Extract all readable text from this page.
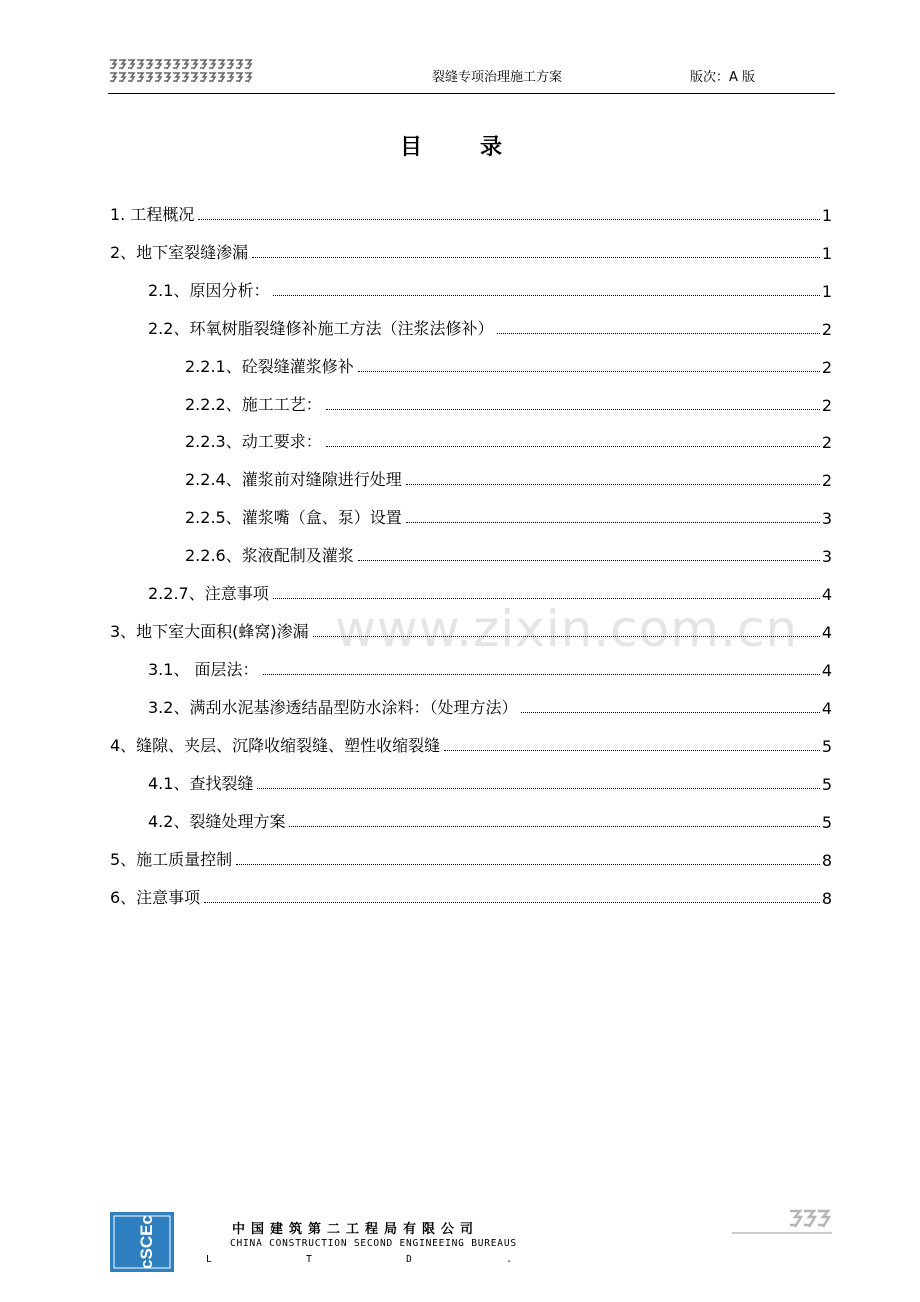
裂缝专项治理施工方案	版次：A 版
目　录
www.zixin.com.cn
1. 工程概况	1
2、地下室裂缝渗漏	1
2.1、原因分析：	1
2.2、环氧树脂裂缝修补施工方法（注浆法修补）	2
2.2.1、砼裂缝灌浆修补	2
2.2.2、施工工艺：	2
2.2.3、动工要求：	2
2.2.4、灌浆前对缝隙进行处理	2
2.2.5、灌浆嘴（盒、泵）设置	3
2.2.6、浆液配制及灌浆	3
2.2.7、注意事项	4
3、地下室大面积(蜂窝)渗漏	4
3.1、 面层法：	4
3.2、满刮水泥基渗透结晶型防水涂料：（处理方法）	4
4、缝隙、夹层、沉降收缩裂缝、塑性收缩裂缝	5
4.1、查找裂缝	5
4.2、裂缝处理方案	5
5、施工质量控制	8
6、注意事项	8
cSCEc	中国建筑第二工程局有限公司
CHINA CONSTRUCTION SECOND ENGINEEING BUREAUS
L	T	D	.
